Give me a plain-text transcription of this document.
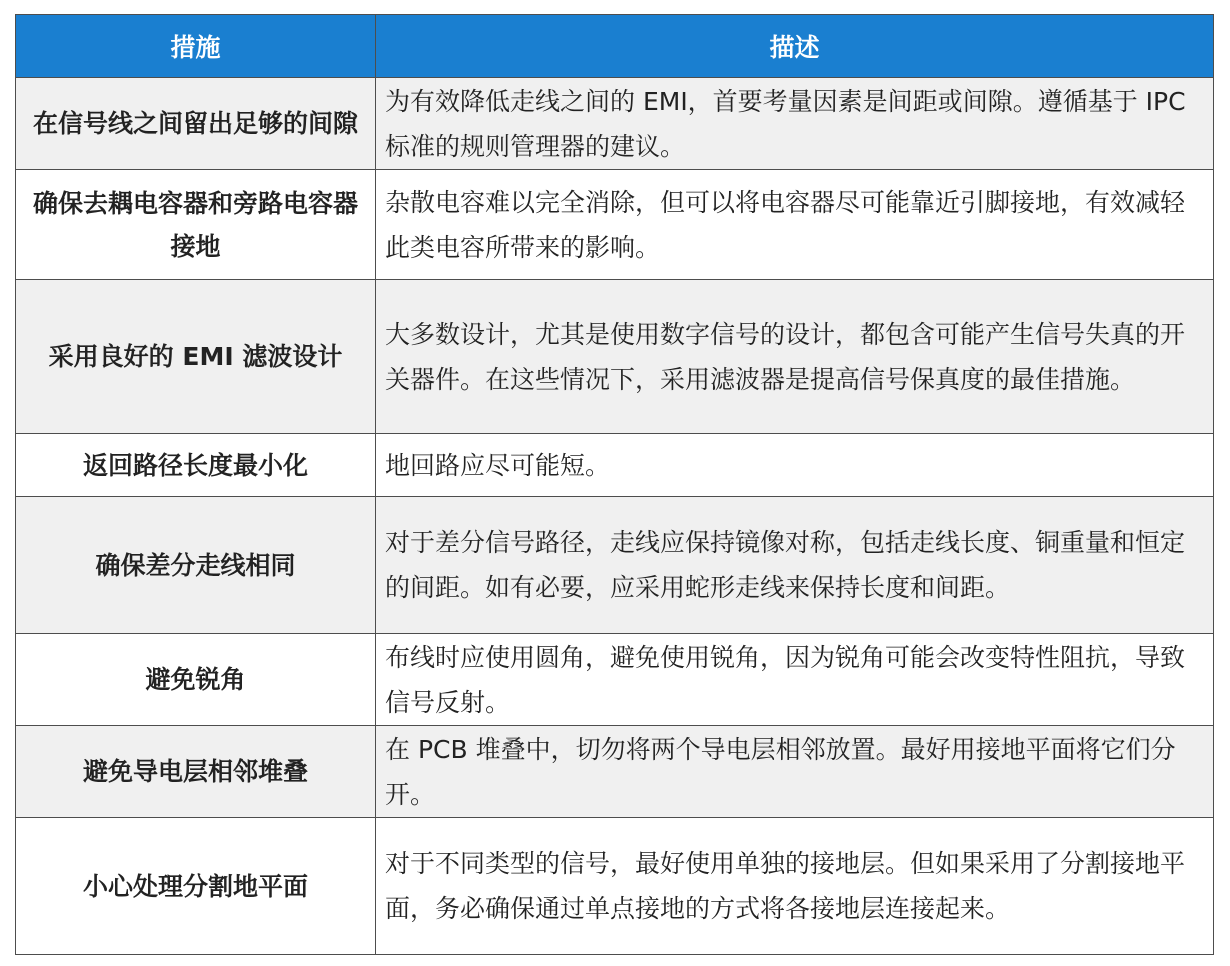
措施	描述
在信号线之间留出足够的间隙	为有效降低走线之间的 EMI，首要考量因素是间距或间隙。遵循基于 IPC 标准的规则管理器的建议。
确保去耦电容器和旁路电容器接地	杂散电容难以完全消除，但可以将电容器尽可能靠近引脚接地，有效减轻此类电容所带来的影响。
采用良好的 EMI 滤波设计	大多数设计，尤其是使用数字信号的设计，都包含可能产生信号失真的开关器件。在这些情况下，采用滤波器是提高信号保真度的最佳措施。
返回路径长度最小化	地回路应尽可能短。
确保差分走线相同	对于差分信号路径，走线应保持镜像对称，包括走线长度、铜重量和恒定的间距。如有必要，应采用蛇形走线来保持长度和间距。
避免锐角	布线时应使用圆角，避免使用锐角，因为锐角可能会改变特性阻抗，导致信号反射。
避免导电层相邻堆叠	在 PCB 堆叠中，切勿将两个导电层相邻放置。最好用接地平面将它们分开。
小心处理分割地平面	对于不同类型的信号，最好使用单独的接地层。但如果采用了分割接地平面，务必确保通过单点接地的方式将各接地层连接起来。
